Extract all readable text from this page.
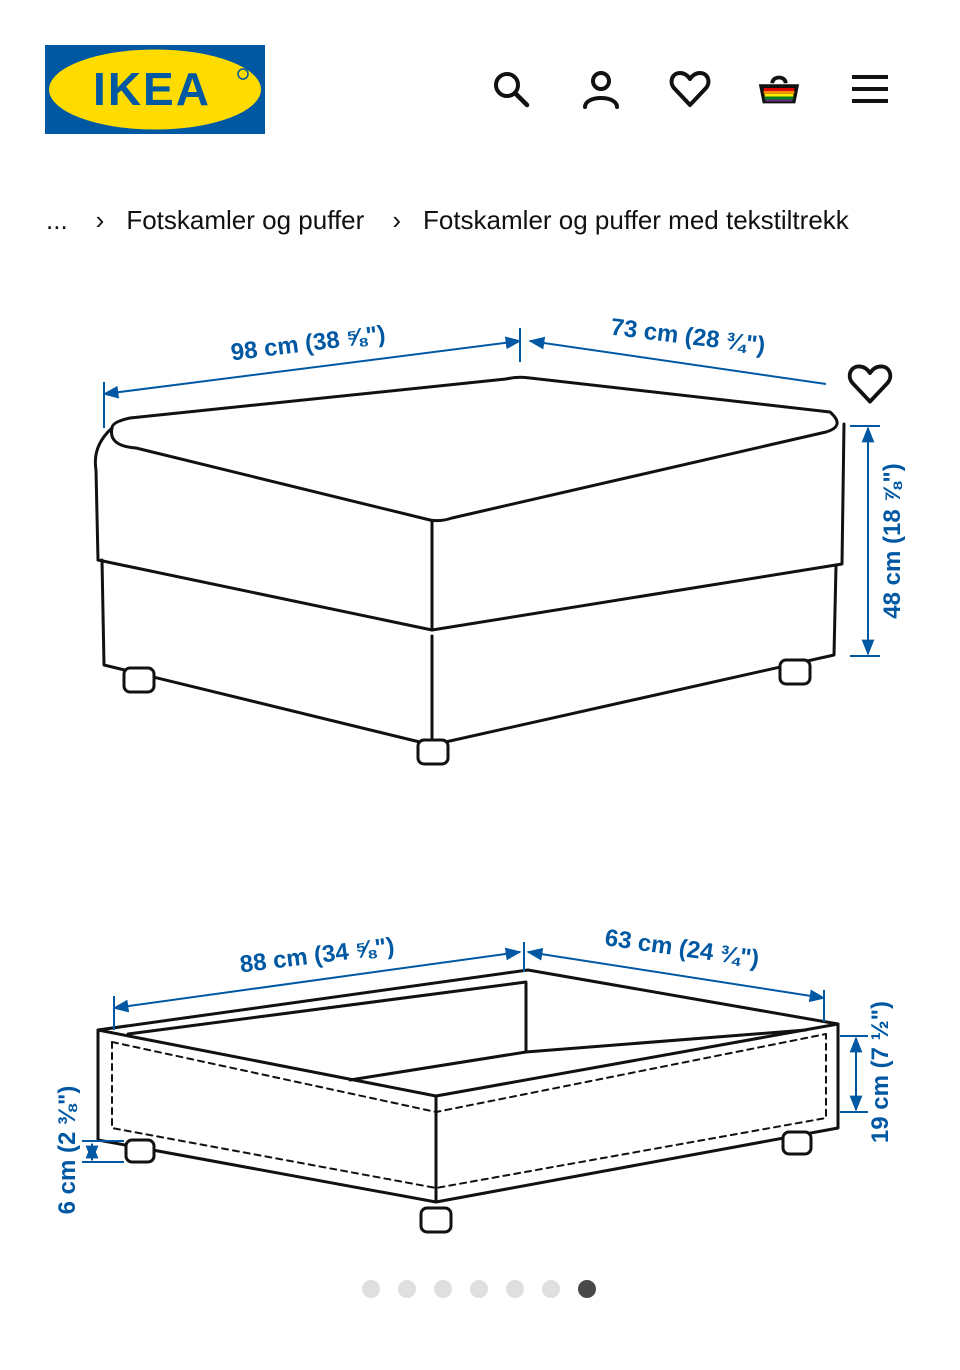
IKEA
... › Fotskamler og puffer › Fotskamler og puffer med tekstiltrekk
98 cm (38 ⅝")	73 cm (28 ¾")
48 cm (18 ⅞")
88 cm (34 ⅝")	63 cm (24 ¾")
19 cm (7 ½")
6 cm (2 ⅜")
